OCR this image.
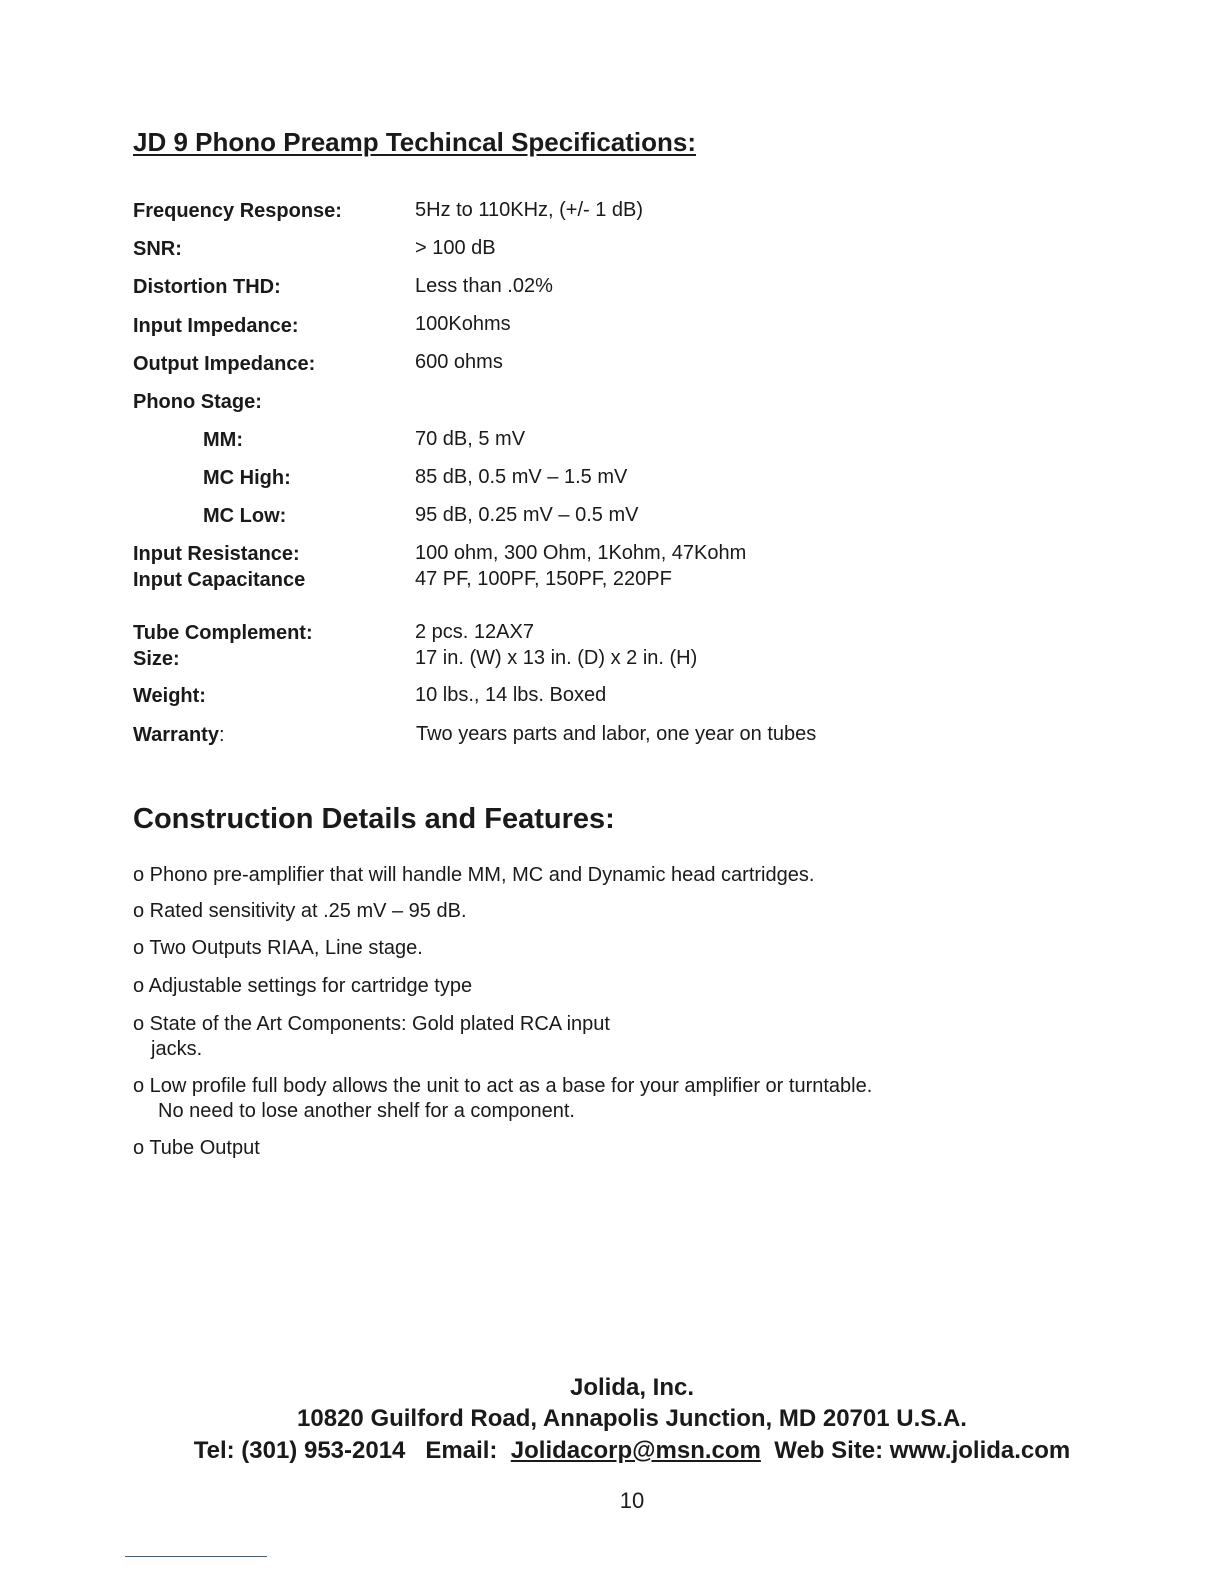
JD 9 Phono Preamp Techincal Specifications:
Frequency Response:	5Hz to 110KHz, (+/- 1 dB)
SNR:	> 100 dB
Distortion THD:	Less than .02%
Input Impedance:	100Kohms
Output Impedance:	600 ohms
Phono Stage:
MM:	70 dB, 5 mV
MC High:	85 dB, 0.5 mV – 1.5 mV
MC Low:	95 dB, 0.25 mV – 0.5 mV
Input Resistance:	100 ohm, 300 Ohm, 1Kohm, 47Kohm
Input Capacitance	47 PF, 100PF, 150PF, 220PF
Tube Complement:	2 pcs. 12AX7
Size:	17 in. (W) x 13 in. (D) x 2 in. (H)
Weight:	10 lbs., 14 lbs. Boxed
Warranty:	Two years parts and labor, one year on tubes
Construction Details and Features:
o Phono pre-amplifier that will handle MM, MC and Dynamic head cartridges.
o Rated sensitivity at .25 mV – 95 dB.
o Two Outputs RIAA, Line stage.
o Adjustable settings for cartridge type
o State of the Art Components: Gold plated RCA input
jacks.
o Low profile full body allows the unit to act as a base for your amplifier or turntable.
No need to lose another shelf for a component.
o Tube Output
Jolida, Inc.
10820 Guilford Road, Annapolis Junction, MD 20701 U.S.A.
Tel: (301) 953-2014   Email:  Jolidacorp@msn.com  Web Site: www.jolida.com
10
